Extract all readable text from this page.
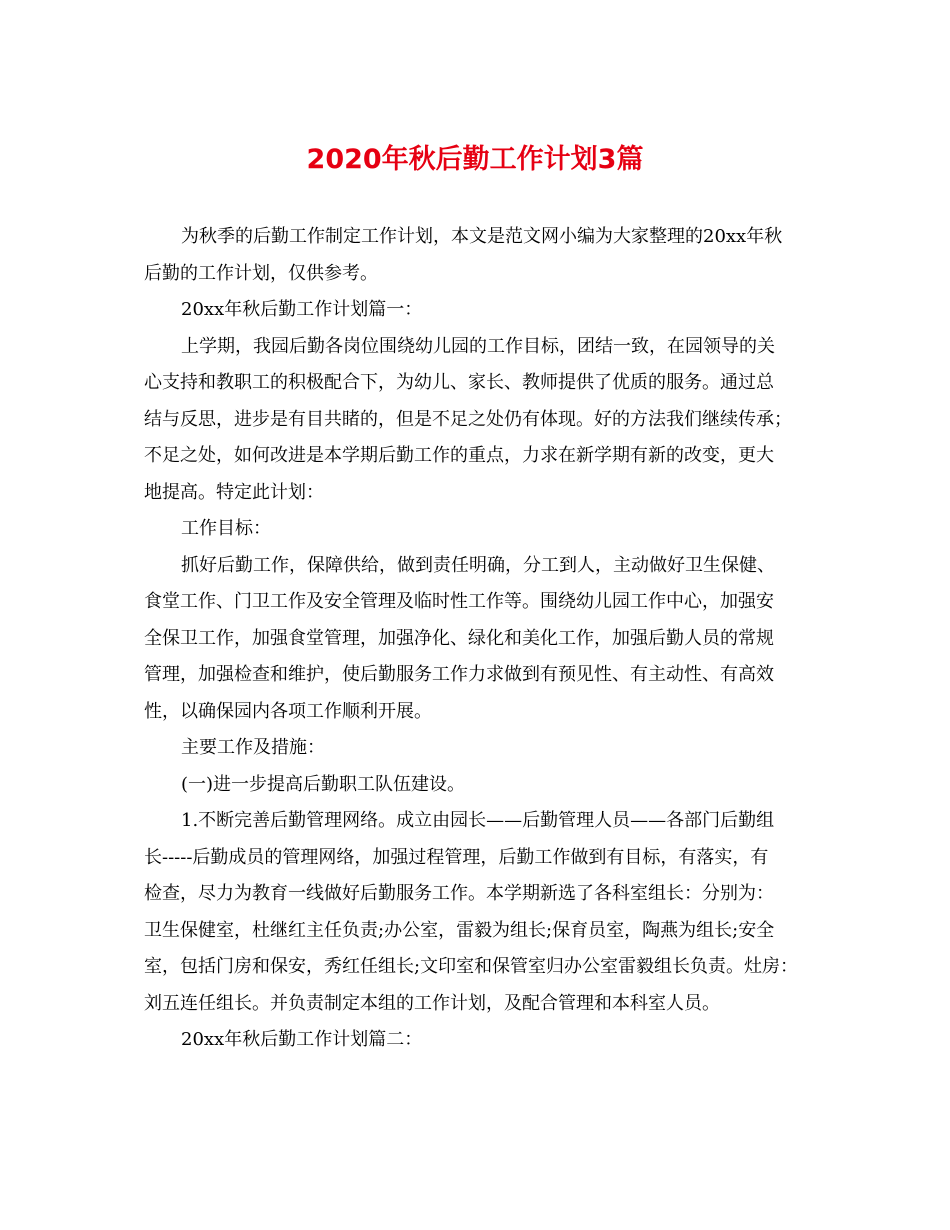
2020年秋后勤工作计划3篇
为秋季的后勤工作制定工作计划，本文是范文网小编为大家整理的20xx年秋
后勤的工作计划，仅供参考。
20xx年秋后勤工作计划篇一：
上学期，我园后勤各岗位围绕幼儿园的工作目标，团结一致，在园领导的关
心支持和教职工的积极配合下，为幼儿、家长、教师提供了优质的服务。通过总
结与反思，进步是有目共睹的，但是不足之处仍有体现。好的方法我们继续传承；
不足之处，如何改进是本学期后勤工作的重点，力求在新学期有新的改变，更大
地提高。特定此计划：
工作目标：
抓好后勤工作，保障供给，做到责任明确，分工到人，主动做好卫生保健、
食堂工作、门卫工作及安全管理及临时性工作等。围绕幼儿园工作中心，加强安
全保卫工作，加强食堂管理，加强净化、绿化和美化工作，加强后勤人员的常规
管理，加强检查和维护，使后勤服务工作力求做到有预见性、有主动性、有高效
性，以确保园内各项工作顺利开展。
主要工作及措施：
(一)进一步提高后勤职工队伍建设。
1.不断完善后勤管理网络。成立由园长——后勤管理人员——各部门后勤组
长-----后勤成员的管理网络，加强过程管理，后勤工作做到有目标，有落实，有
检查，尽力为教育一线做好后勤服务工作。本学期新选了各科室组长：分别为：
卫生保健室，杜继红主任负责;办公室，雷毅为组长;保育员室，陶燕为组长;安全
室，包括门房和保安，秀红任组长;文印室和保管室归办公室雷毅组长负责。灶房：
刘五连任组长。并负责制定本组的工作计划，及配合管理和本科室人员。
20xx年秋后勤工作计划篇二：
